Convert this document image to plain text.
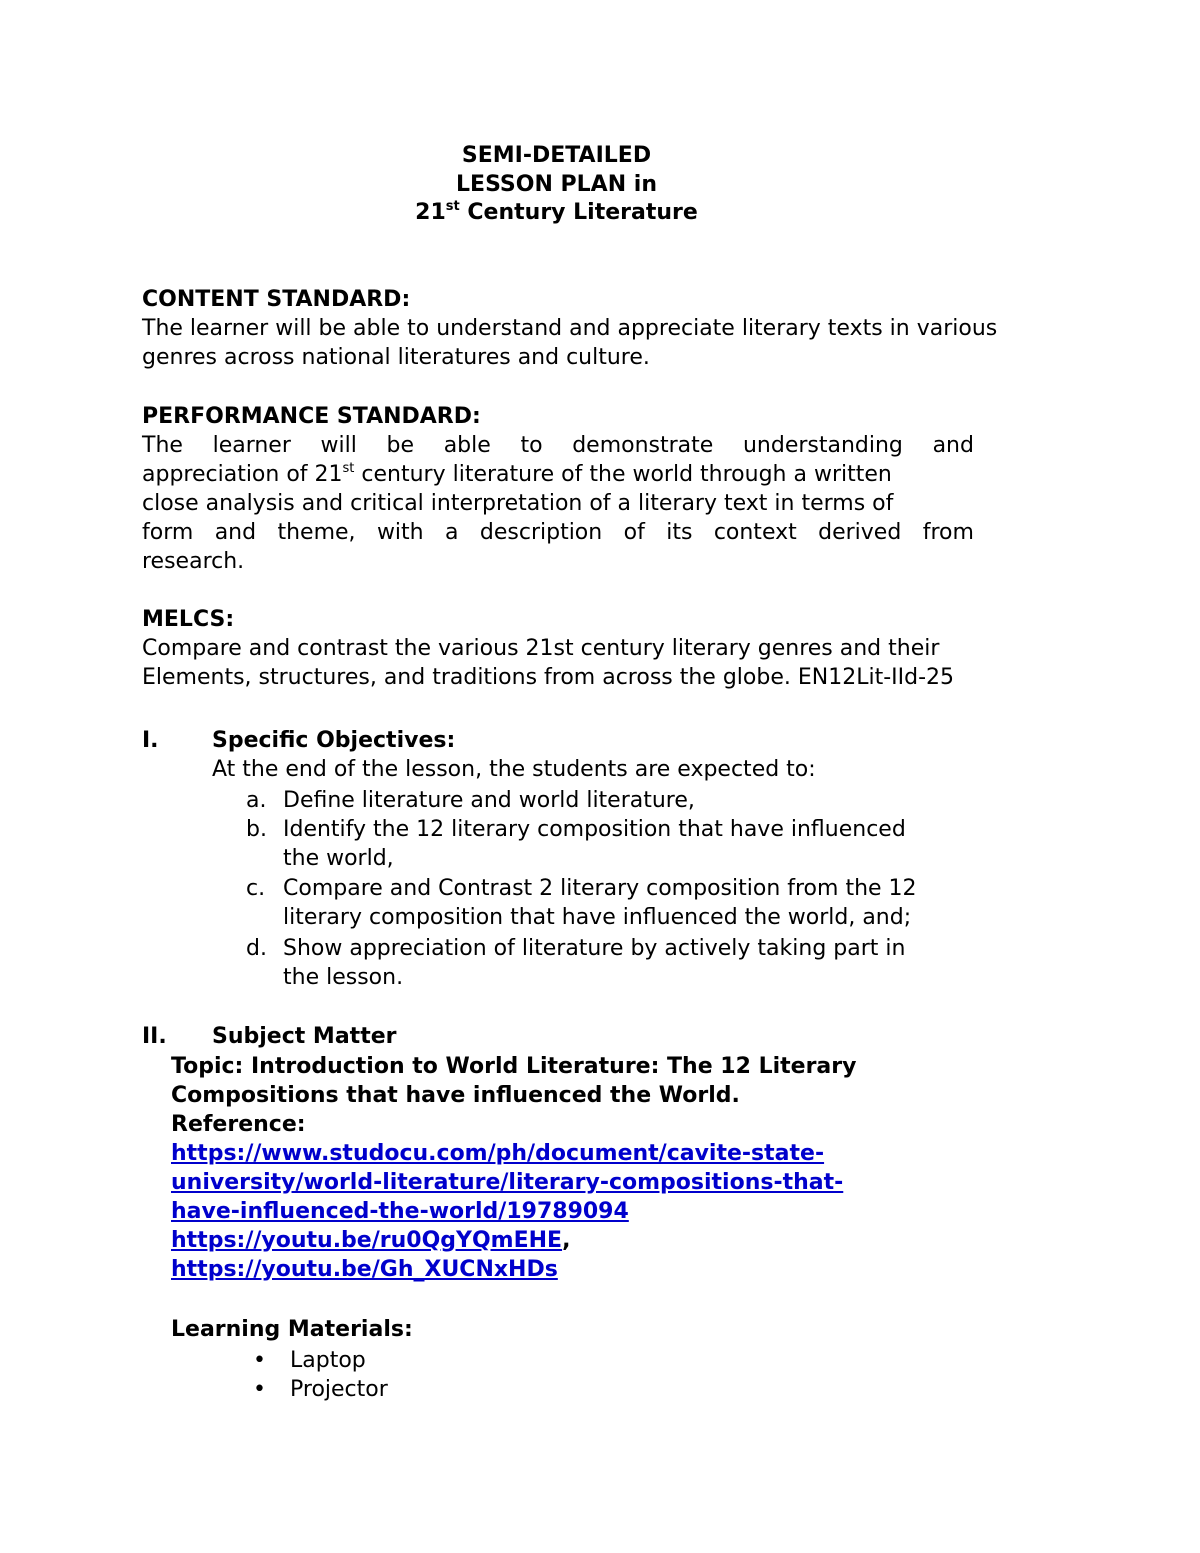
SEMI-DETAILED
LESSON PLAN in
21st Century Literature
CONTENT STANDARD:
The learner will be able to understand and appreciate literary texts in various
genres across national literatures and culture.
PERFORMANCE STANDARD:
The learner will be able to demonstrate understanding and
appreciation of 21st century literature of the world through a written
close analysis and critical interpretation of a literary text in terms of
form and theme, with a description of its context derived from
research.
MELCS:
Compare and contrast the various 21st century literary genres and their
Elements, structures, and traditions from across the globe. EN12Lit-IId-25
I. Specific Objectives:
At the end of the lesson, the students are expected to:
a. Define literature and world literature,
b. Identify the 12 literary composition that have influenced
the world,
c. Compare and Contrast 2 literary composition from the 12
literary composition that have influenced the world, and;
d. Show appreciation of literature by actively taking part in
the lesson.
II. Subject Matter
Topic: Introduction to World Literature: The 12 Literary
Compositions that have influenced the World.
Reference:
https://www.studocu.com/ph/document/cavite-state-
university/world-literature/literary-compositions-that-
have-influenced-the-world/19789094
https://youtu.be/ru0QgYQmEHE,
https://youtu.be/Gh_XUCNxHDs
Learning Materials:
• Laptop
• Projector
